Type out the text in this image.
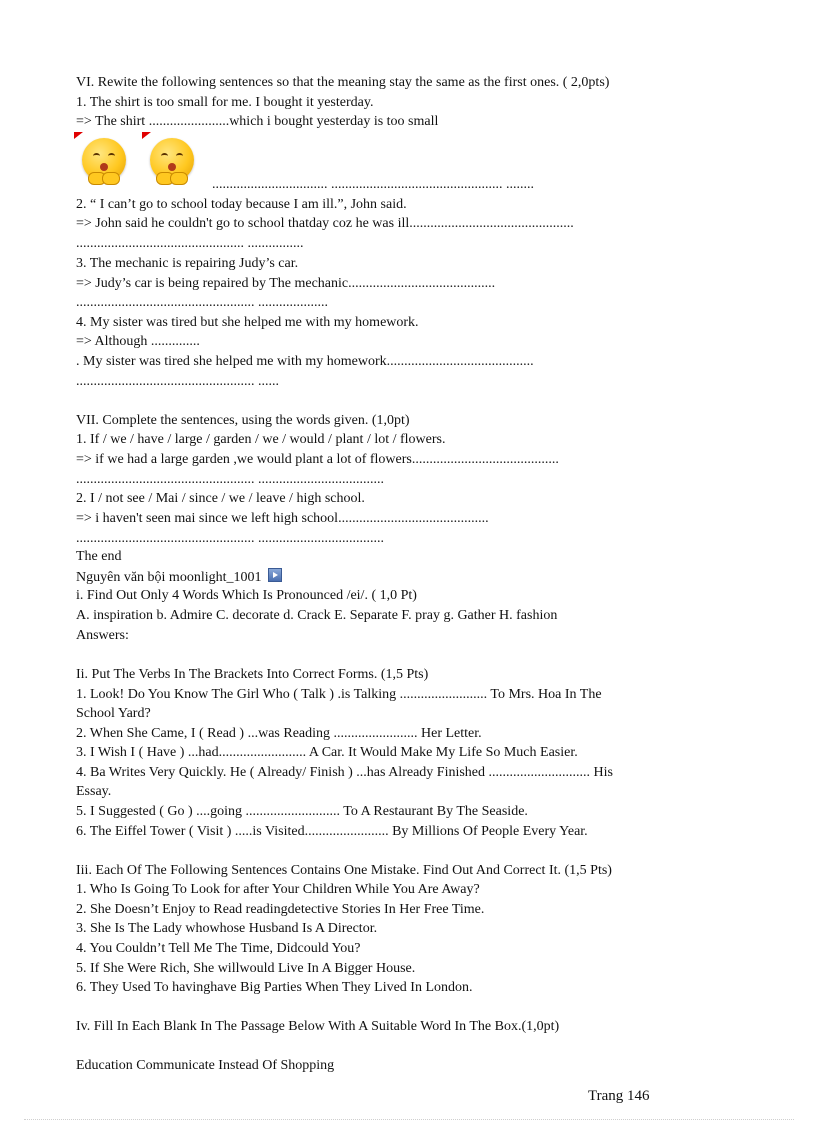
VI. Rewite the following sentences so that the meaning stay the same as the first ones. ( 2,0pts)
1. The shirt is too small for me. I bought it yesterday.
=> The shirt .......................which i bought yesterday is too small
................................. ................................................. ........
2. “ I can’t go to school today because I am ill.”, John said.
=> John said he couldn't go to school thatday coz he was ill...............................................
................................................ ................
3. The mechanic is repairing Judy’s car.
=> Judy’s car is being repaired by The mechanic..........................................
................................................... ....................
4. My sister was tired but she helped me with my homework.
=> Although ..............
. My sister was tired she helped me with my homework..........................................
................................................... ......
VII. Complete the sentences, using the words given. (1,0pt)
1. If / we / have / large / garden / we / would / plant / lot / flowers.
=> if we had a large garden ,we would plant a lot of flowers..........................................
................................................... ....................................
2. I / not see / Mai / since / we / leave / high school.
=> i haven't seen mai since we left high school...........................................
................................................... ....................................
The end
Nguyên văn bội moonlight_1001
i. Find Out Only 4 Words Which Is Pronounced /ei/. ( 1,0 Pt)
A. inspiration b. Admire C. decorate d. Crack E. Separate F. pray g. Gather H. fashion
Answers:
Ii. Put The Verbs In The Brackets Into Correct Forms. (1,5 Pts)
1. Look! Do You Know The Girl Who ( Talk ) .is Talking ......................... To Mrs. Hoa In The
School Yard?
2. When She Came, I ( Read ) ...was Reading ........................ Her Letter.
3. I Wish I ( Have ) ...had......................... A Car. It Would Make My Life So Much Easier.
4. Ba Writes Very Quickly. He ( Already/ Finish ) ...has Already Finished ............................. His
Essay.
5. I Suggested ( Go ) ....going ........................... To A Restaurant By The Seaside.
6. The Eiffel Tower ( Visit ) .....is Visited........................ By Millions Of People Every Year.
Iii. Each Of The Following Sentences Contains One Mistake. Find Out And Correct It. (1,5 Pts)
1. Who Is Going To Look for after Your Children While You Are Away?
2. She Doesn’t Enjoy to Read readingdetective Stories In Her Free Time.
3. She Is The Lady whowhose Husband Is A Director.
4. You Couldn’t Tell Me The Time, Didcould You?
5. If She Were Rich, She willwould Live In A Bigger House.
6. They Used To havinghave Big Parties When They Lived In London.
Iv. Fill In Each Blank In The Passage Below With A Suitable Word In The Box.(1,0pt)
Education Communicate Instead Of Shopping
Trang 146
